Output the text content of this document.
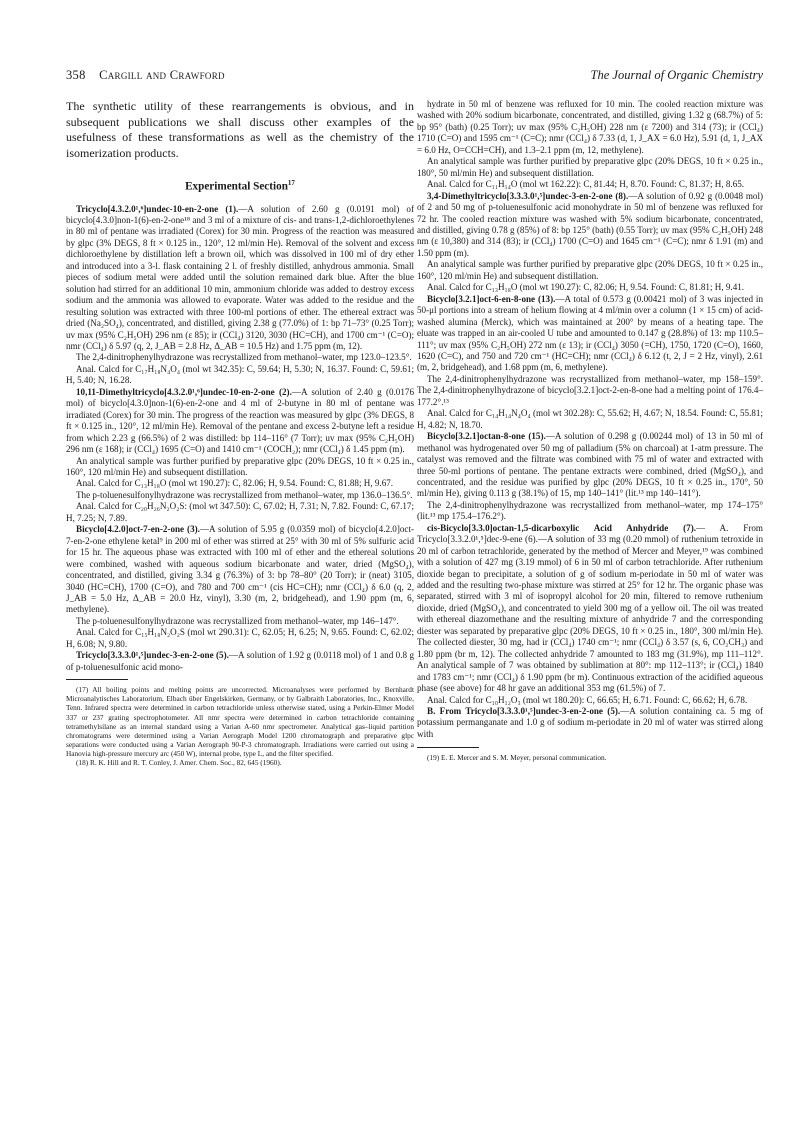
358 Cargill and Crawford	The Journal of Organic Chemistry

The synthetic utility of these rearrangements is obvious, and in subsequent publications we shall discuss other examples of the usefulness of these transformations as well as the chemistry of the isomerization products.

Experimental Section$^{17}$

Tricyclo[4.3.2.0¹,⁶]undec-10-en-2-one (1).—A solution of 2.60 g (0.0191 mol) of bicyclo[4.3.0]non-1(6)-en-2-one¹⁸ and 3 ml of a mixture of cis- and trans-1,2-dichloroethylenes in 80 ml of pentane was irradiated (Corex) for 30 min. Progress of the reaction was measured by glpc (3% DEGS, 8 ft × 0.125 in., 120°, 12 ml/min He). Removal of the solvent and excess dichloroethylene by distillation left a brown oil, which was dissolved in 100 ml of dry ether and introduced into a 3-l. flask containing 2 l. of freshly distilled, anhydrous ammonia. Small pieces of sodium metal were added until the solution remained dark blue. After the blue solution had stirred for an additional 10 min, ammonium chloride was added to destroy excess sodium and the ammonia was allowed to evaporate. Water was added to the residue and the resulting solution was extracted with three 100-ml portions of ether. The ethereal extract was dried (Na₂SO₄), concentrated, and distilled, giving 2.38 g (77.0%) of 1: bp 71–73° (0.25 Torr); uv max (95% C₂H₅OH) 296 nm (ε 85); ir (CCl₄) 3120, 3030 (HC=CH), and 1700 cm⁻¹ (C=O); nmr (CCl₄) δ 5.97 (q, 2, J_AB = 2.8 Hz, Δ_AB = 10.5 Hz) and 1.75 ppm (m, 12).

The 2,4-dinitrophenylhydrazone was recrystallized from methanol–water, mp 123.0–123.5°.

Anal. Calcd for C₁₇H₁₈N₄O₄ (mol wt 342.35): C, 59.64; H, 5.30; N, 16.37. Found: C, 59.61; H, 5.40; N, 16.28.

10,11-Dimethyltricyclo[4.3.2.0¹,⁶]undec-10-en-2-one (2).—A solution of 2.40 g (0.0176 mol) of bicyclo[4.3.0]non-1(6)-en-2-one and 4 ml of 2-butyne in 80 ml of pentane was irradiated (Corex) for 30 min. The progress of the reaction was measured by glpc (3% DEGS, 8 ft × 0.125 in., 120°, 12 ml/min He). Removal of the pentane and excess 2-butyne left a residue from which 2.23 g (66.5%) of 2 was distilled: bp 114–116° (7 Torr); uv max (95% C₂H₅OH) 296 nm (ε 168); ir (CCl₄) 1695 (C=O) and 1410 cm⁻¹ (COCH₂); nmr (CCl₄) δ 1.45 ppm (m).

An analytical sample was further purified by preparative glpc (20% DEGS, 10 ft × 0.25 in., 160°, 120 ml/min He) and subsequent distillation.

Anal. Calcd for C₁₃H₁₈O (mol wt 190.27): C, 82.06; H, 9.54. Found: C, 81.88; H, 9.67.

The p-toluenesulfonylhydrazone was recrystallized from methanol–water, mp 136.0–136.5°.

Anal. Calcd for C₂₀H₂₆N₂O₂S: (mol wt 347.50): C, 67.02; H, 7.31; N, 7.82. Found: C, 67.17; H, 7.25; N, 7.89.

Bicyclo[4.2.0]oct-7-en-2-one (3).—A solution of 5.95 g (0.0359 mol) of bicyclo[4.2.0]oct-7-en-2-one ethylene ketal⁹ in 200 ml of ether was stirred at 25° with 30 ml of 5% sulfuric acid for 15 hr. The aqueous phase was extracted with 100 ml of ether and the ethereal solutions were combined, washed with aqueous sodium bicarbonate and water, dried (MgSO₄), concentrated, and distilled, giving 3.34 g (76.3%) of 3: bp 78–80° (20 Torr); ir (neat) 3105, 3040 (HC=CH), 1700 (C=O), and 780 and 700 cm⁻¹ (cis HC=CH); nmr (CCl₄) δ 6.0 (q, 2, J_AB = 5.0 Hz, Δ_AB = 20.0 Hz, vinyl), 3.30 (m, 2, bridgehead), and 1.90 ppm (m, 6, methylene).

The p-toluenesulfonylhydrazone was recrystallized from methanol–water, mp 146–147°.

Anal. Calcd for C₁₅H₁₈N₂O₂S (mol wt 290.31): C, 62.05; H, 6.25; N, 9.65. Found: C, 62.02; H, 6.08; N, 9.80.

Tricyclo[3.3.3.0¹,⁵]undec-3-en-2-one (5).—A solution of 1.92 g (0.0118 mol) of 1 and 0.8 g of p-toluenesulfonic acid mono-

(17) All boiling points and melting points are uncorrected. Microanalyses were performed by Bernhardt Microanalytisches Laboratorium, Elbach über Engelskirken, Germany, or by Galbraith Laboratories, Inc., Knoxville, Tenn. Infrared spectra were determined in carbon tetrachloride unless otherwise stated, using a Perkin-Elmer Model 337 or 237 grating spectrophotometer. All nmr spectra were determined in carbon tetrachloride containing tetramethylsilane as an internal standard using a Varian A-60 nmr spectrometer. Analytical gas–liquid partition chromatograms were determined using a Varian Aerograph Model 1200 chromatograph and preparative glpc separations were conducted using a Varian Aerograph 90-P-3 chromatograph. Irradiations were carried out using a Hanovia high-pressure mercury arc (450 W), internal probe, type L, and the filter specified.

(18) R. K. Hill and R. T. Conley, J. Amer. Chem. Soc., 82, 645 (1960).

hydrate in 50 ml of benzene was refluxed for 10 min. The cooled reaction mixture was washed with 20% sodium bicarbonate, concentrated, and distilled, giving 1.32 g (68.7%) of 5: bp 95° (bath) (0.25 Torr); uv max (95% C₂H₅OH) 228 nm (ε 7200) and 314 (73); ir (CCl₄) 1710 (C=O) and 1595 cm⁻¹ (C=C); nmr (CCl₄) δ 7.33 (d, 1, J_AX = 6.0 Hz), 5.91 (d, 1, J_AX = 6.0 Hz, O=CCH=CH), and 1.3–2.1 ppm (m, 12, methylene).

An analytical sample was further purified by preparative glpc (20% DEGS, 10 ft × 0.25 in., 180°, 50 ml/min He) and subsequent distillation.

Anal. Calcd for C₁₁H₁₄O (mol wt 162.22): C, 81.44; H, 8.70. Found: C, 81.37; H, 8.65.

3,4-Dimethyltricyclo[3.3.3.0¹,⁵]undec-3-en-2-one (8).—A solution of 0.92 g (0.0048 mol) of 2 and 50 mg of p-toluenesulfonic acid monohydrate in 50 ml of benzene was refluxed for 72 hr. The cooled reaction mixture was washed with 5% sodium bicarbonate, concentrated, and distilled, giving 0.78 g (85%) of 8: bp 125° (bath) (0.55 Torr); uv max (95% C₂H₅OH) 248 nm (ε 10,380) and 314 (83); ir (CCl₄) 1700 (C=O) and 1645 cm⁻¹ (C=C); nmr δ 1.91 (m) and 1.50 ppm (m).

An analytical sample was further purified by preparative glpc (20% DEGS, 10 ft × 0.25 in., 160°, 120 ml/min He) and subsequent distillation.

Anal. Calcd for C₁₃H₁₈O (mol wt 190.27): C, 82.06; H, 9.54. Found: C, 81.81; H, 9.41.

Bicyclo[3.2.1]oct-6-en-8-one (13).—A total of 0.573 g (0.00421 mol) of 3 was injected in 50-μl portions into a stream of helium flowing at 4 ml/min over a column (1 × 15 cm) of acid-washed alumina (Merck), which was maintained at 200° by means of a heating tape. The eluate was trapped in an air-cooled U tube and amounted to 0.147 g (28.8%) of 13: mp 110.5–111°; uv max (95% C₂H₅OH) 272 nm (ε 13); ir (CCl₄) 3050 (=CH), 1750, 1720 (C=O), 1660, 1620 (C=C), and 750 and 720 cm⁻¹ (HC=CH); nmr (CCl₄) δ 6.12 (t, 2, J = 2 Hz, vinyl), 2.61 (m, 2, bridgehead), and 1.68 ppm (m, 6, methylene).

The 2,4-dinitrophenylhydrazone was recrystallized from methanol–water, mp 158–159°. The 2,4-dinitrophenylhydrazone of bicyclo[3.2.1]oct-2-en-8-one had a melting point of 176.4–177.2°.¹³

Anal. Calcd for C₁₄H₁₄N₄O₄ (mol wt 302.28): C, 55.62; H, 4.67; N, 18.54. Found: C, 55.81; H, 4.82; N, 18.70.

Bicyclo[3.2.1]octan-8-one (15).—A solution of 0.298 g (0.00244 mol) of 13 in 50 ml of methanol was hydrogenated over 50 mg of palladium (5% on charcoal) at 1-atm pressure. The catalyst was removed and the filtrate was combined with 75 ml of water and extracted with three 50-ml portions of pentane. The pentane extracts were combined, dried (MgSO₄), and concentrated, and the residue was purified by glpc (20% DEGS, 10 ft × 0.25 in., 170°, 50 ml/min He), giving 0.113 g (38.1%) of 15, mp 140–141° (lit.¹³ mp 140–141°).

The 2,4-dinitrophenylhydrazone was recrystallized from methanol–water, mp 174–175° (lit.¹³ mp 175.4–176.2°).

cis-Bicyclo[3.3.0]octan-1,5-dicarboxylic Acid Anhydride (7).— A. From Tricyclo[3.3.2.0¹,⁵]dec-9-ene (6).—A solution of 33 mg (0.20 mmol) of ruthenium tetroxide in 20 ml of carbon tetrachloride, generated by the method of Mercer and Meyer,¹⁹ was combined with a solution of 427 mg (3.19 mmol) of 6 in 50 ml of carbon tetrachloride. After ruthenium dioxide began to precipitate, a solution of g of sodium m-periodate in 50 ml of water was added and the resulting two-phase mixture was stirred at 25° for 12 hr. The organic phase was separated, stirred with 3 ml of isopropyl alcohol for 20 min, filtered to remove ruthenium dioxide, dried (MgSO₄), and concentrated to yield 300 mg of a yellow oil. The oil was treated with ethereal diazomethane and the resulting mixture of anhydride 7 and the corresponding diester was separated by preparative glpc (20% DEGS, 10 ft × 0.25 in., 180°, 300 ml/min He). The collected diester, 30 mg, had ir (CCl₄) 1740 cm⁻¹; nmr (CCl₄) δ 3.57 (s, 6, CO₂CH₃) and 1.80 ppm (br m, 12). The collected anhydride 7 amounted to 183 mg (31.9%), mp 111–112°. An analytical sample of 7 was obtained by sublimation at 80°: mp 112–113°; ir (CCl₄) 1840 and 1783 cm⁻¹; nmr (CCl₄) δ 1.90 ppm (br m). Continuous extraction of the acidified aqueous phase (see above) for 48 hr gave an additional 353 mg (61.5%) of 7.

Anal. Calcd for C₁₀H₁₂O₃ (mol wt 180.20): C, 66.65; H, 6.71. Found: C, 66.62; H, 6.78.

B. From Tricyclo[3.3.3.0¹,⁵]undec-3-en-2-one (5).—A solution containing ca. 5 mg of potassium permanganate and 1.0 g of sodium m-periodate in 20 ml of water was stirred along with

(19) E. E. Mercer and S. M. Meyer, personal communication.
